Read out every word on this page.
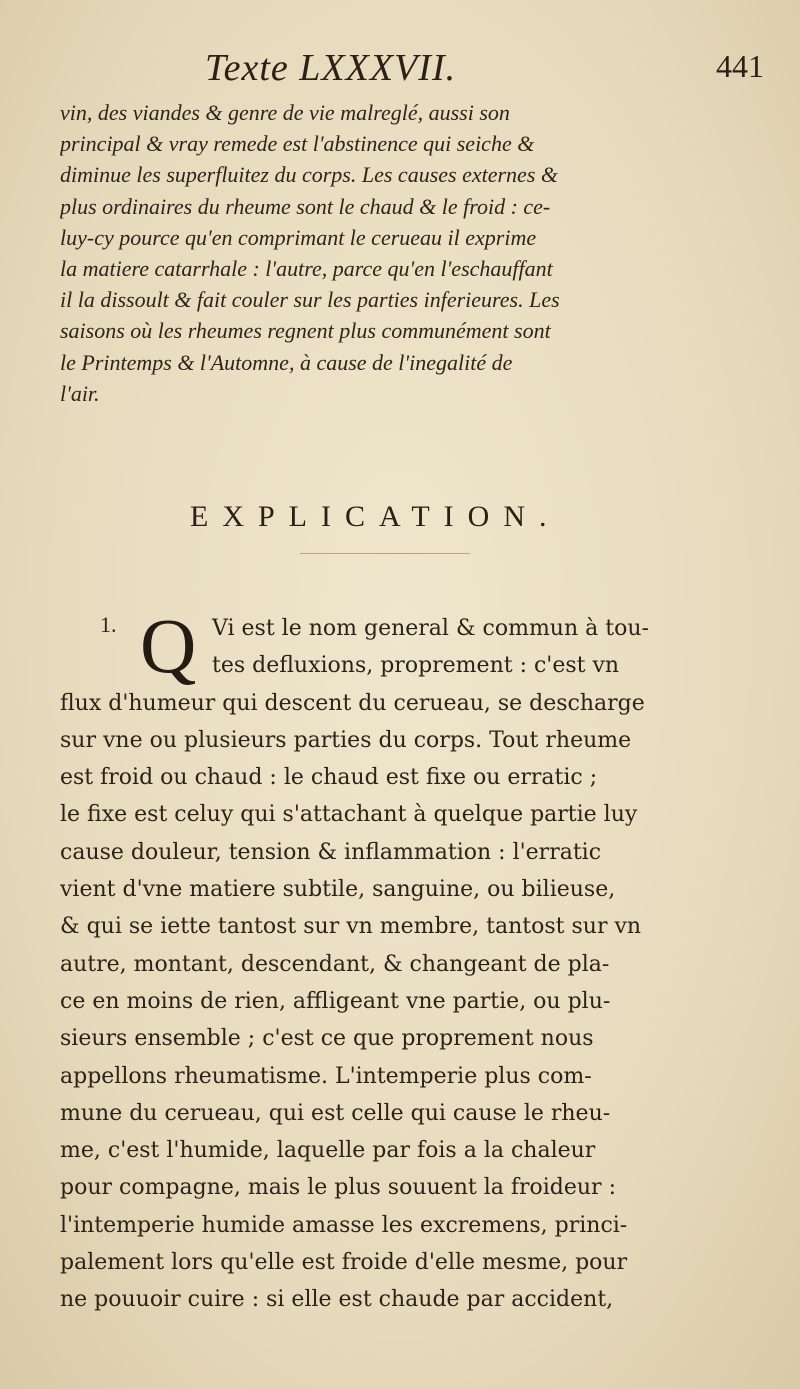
Texte LXXXVII.	441
vin, des viandes & genre de vie malreglé, aussi son
principal & vray remede est l'abstinence qui seiche &
diminue les superfluitez du corps. Les causes externes &
plus ordinaires du rheume sont le chaud & le froid : ce-
luy-cy pource qu'en comprimant le cerueau il exprime
la matiere catarrhale : l'autre, parce qu'en l'eschauffant
il la dissoult & fait couler sur les parties inferieures. Les
saisons où les rheumes regnent plus communément sont
le Printemps & l'Automne, à cause de l'inegalité de
l'air.
EXPLICATION.
1. Q Vi est le nom general & commun à tou-
tes defluxions, proprement : c'est vn
flux d'humeur qui descent du cerueau, se descharge
sur vne ou plusieurs parties du corps. Tout rheume
est froid ou chaud : le chaud est fixe ou erratic ;
le fixe est celuy qui s'attachant à quelque partie luy
cause douleur, tension & inflammation : l'erratic
vient d'vne matiere subtile, sanguine, ou bilieuse,
& qui se iette tantost sur vn membre, tantost sur vn
autre, montant, descendant, & changeant de pla-
ce en moins de rien, affligeant vne partie, ou plu-
sieurs ensemble ; c'est ce que proprement nous
appellons rheumatisme. L'intemperie plus com-
mune du cerueau, qui est celle qui cause le rheu-
me, c'est l'humide, laquelle par fois a la chaleur
pour compagne, mais le plus souuent la froideur :
l'intemperie humide amasse les excremens, princi-
palement lors qu'elle est froide d'elle mesme, pour
ne pouuoir cuire : si elle est chaude par accident,
